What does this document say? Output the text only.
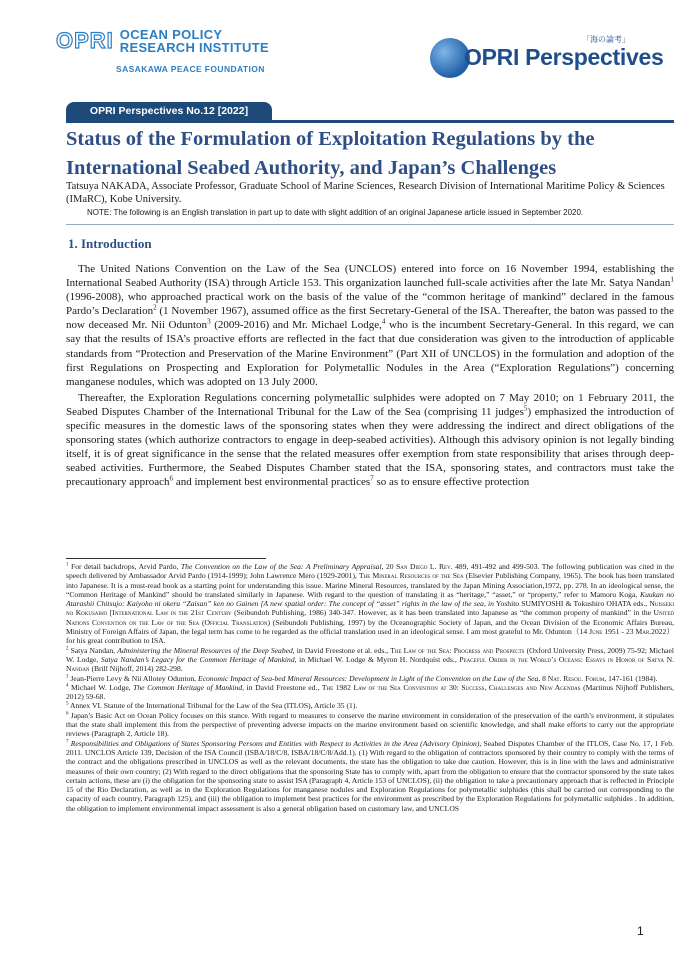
OPRI OCEAN POLICY
RESEARCH INSTITUTE
SASAKAWA PEACE FOUNDATION	OPRI Perspectives
「海の論考」
OPRI Perspectives No.12 [2022]
Status of the Formulation of Exploitation Regulations by the International Seabed Authority, and Japan’s Challenges
Tatsuya NAKADA, Associate Professor, Graduate School of Marine Sciences, Research Division of International Maritime Policy & Sciences (IMaRC), Kobe University.
NOTE: The following is an English translation in part up to date with slight addition of an original Japanese article issued in September 2020.
1. Introduction

The United Nations Convention on the Law of the Sea (UNCLOS) entered into force on 16 November 1994, establishing the International Seabed Authority (ISA) through Article 153. This organization launched full-scale activities after the late Mr. Satya Nandan$^1$ (1996-2008), who approached practical work on the basis of the value of the “common heritage of mankind” declared in the famous Pardo’s Declaration$^2$ (1 November 1967), assumed office as the first Secretary-General of the ISA. Thereafter, the baton was passed to the now deceased Mr. Nii Odunton$^3$ (2009-2016) and Mr. Michael Lodge,$^4$ who is the incumbent Secretary-General. In this regard, we can say that the results of ISA’s proactive efforts are reflected in the fact that due consideration was given to the introduction of applicable standards from “Protection and Preservation of the Marine Environment” (Part XII of UNCLOS) in the formulation and adoption of the first Regulations on Prospecting and Exploration for Polymetallic Nodules in the Area (“Exploration Regulations”) concerning manganese nodules, which was adopted on 13 July 2000.

Thereafter, the Exploration Regulations concerning polymetallic sulphides were adopted on 7 May 2010; on 1 February 2011, the Seabed Disputes Chamber of the International Tribunal for the Law of the Sea (comprising 11 judges$^5$) emphasized the introduction of specific measures in the domestic laws of the sponsoring states when they were addressing the indirect and direct obligations of the sponsoring states (which authorize contractors to engage in deep-seabed activities). Although this advisory opinion is not legally binding itself, it is of great significance in the sense that the related measures offer exemption from state responsibility that arises through deep-seabed activities. Furthermore, the Seabed Disputes Chamber stated that the ISA, sponsoring states, and contractors must take the precautionary approach$^6$ and implement best environmental practices$^7$ so as to ensure effective protection

$^1$ For detail backdrops, Arvid Pardo, The Convention on the Law of the Sea: A Preliminary Appraisal, 20 San Diego L. Rev. 489, 491-492 and 499-503. The following publication was cited in the speech delivered by Ambassador Arvid Pardo (1914-1999); John Lawrence Mero (1929-2001), The Mineral Resources of the Sea (Elsevier Publishing Company, 1965). The book has been translated into Japanese. It is a must-read book as a starting point for understanding this issue. Marine Mineral Resources, translated by the Japan Mining Association,1972, pp. 278. In an ideological sense, the “Common Heritage of Mankind” should be translated similarly in Japanese. With regard to the question of translating it as “heritage,” “asset,” or “property,” refer to Mamoru Koga, Kuukan no Atarashii Chitsujo: Kaiyoho ni okeru “Zaisan” ken no Gainen [A new spatial order: The concept of “asset” rights in the law of the sea, in Yoshito SUMIYOSHI & Tokushiro OHATA eds., Nuisseki no Kokusaiho [International Law in the 21st Century (Seibundoh Publishing, 1986) 340-347. However, as it has been translated into Japanese as “the common property of mankind” in the United Nations Convention on the Law of the Sea (Official Translation) (Seibundoh Publishing, 1997) by the Oceanographic Society of Japan, and the Ocean Division of the Economic Affairs Bureau, Ministry of Foreign Affairs of Japan, the legal term has come to be regarded as the official translation used in an ideological sense. I am most grateful to Mr. Odunton（14 June 1951 - 23 Mar.2022）for his great contribution to ISA.

$^2$ Satya Nandan, Administering the Mineral Resources of the Deep Seabed, in David Freestone et al. eds., The Law of the Sea: Progress and Prospects (Oxford University Press, 2009) 75-92; Michael W. Lodge, Satya Nandan’s Legacy for the Common Heritage of Mankind, in Michael W. Lodge & Myron H. Nordquist eds., Peaceful Order in the World’s Oceans: Essays in Honor of Satya N. Nandan (Brill Nijhoff, 2014) 282-298.

$^3$ Jean-Pierre Levy & Nii Allotey Odunton, Economic Impact of Sea-bed Mineral Resources: Development in Light of the Convention on the Law of the Sea, 8 Nat. Resou. Forum, 147-161 (1984).

$^4$ Michael W. Lodge, The Common Heritage of Mankind, in David Freestone ed., The 1982 Law of the Sea Convention at 30: Success, Challenges and New Agendas (Martinus Nijhoff Publishers, 2012) 59-68.

$^5$ Annex VI. Statute of the International Tribunal for the Law of the Sea (ITLOS), Article 35 (1).

$^6$ Japan’s Basic Act on Ocean Policy focuses on this stance. With regard to measures to conserve the marine environment in consideration of the preservation of the earth’s environment, it stipulates that the state shall implement this from the perspective of preventing adverse impacts on the marine environment based on scientific knowledge, and shall make efforts to carry out the appropriate reviews (Paragraph 2, Article 18).

$^7$ Responsibilities and Obligations of States Sponsoring Persons and Entities with Respect to Activities in the Area (Advisory Opinion), Seabed Disputes Chamber of the ITLOS, Case No. 17, 1 Feb. 2011. UNCLOS Article 139, Decision of the ISA Council (ISBA/18/C/8, ISBA/18/C/8/Add.1). (1) With regard to the obligation of contractors sponsored by their country to comply with the terms of the contract and the obligations prescribed in UNCLOS as well as the relevant documents, the state has the obligation to take due caution. However, this is in line with the laws and administrative measures of their own country; (2) With regard to the direct obligations that the sponsoring State has to comply with, apart from the obligation to ensure that the contractor sponsored by the state takes certain actions, these are (i) the obligation for the sponsoring state to assist ISA (Paragraph 4, Article 153 of UNCLOS), (ii) the obligation to take a precautionary approach that is reflected in Principle 15 of the Rio Declaration, as well as in the Exploration Regulations for manganese nodules and Exploration Regulations for polymetallic sulphides (this shall be carried out corresponding to the capacity of each country, Paragraph 125), and (iii) the obligation to implement best practices for the environment as prescribed by the Exploration Regulations for polymetallic sulphides . In addition, the obligation to implement environmental impact assessment is also a general obligation based on customary law, and UNCLOS

1
